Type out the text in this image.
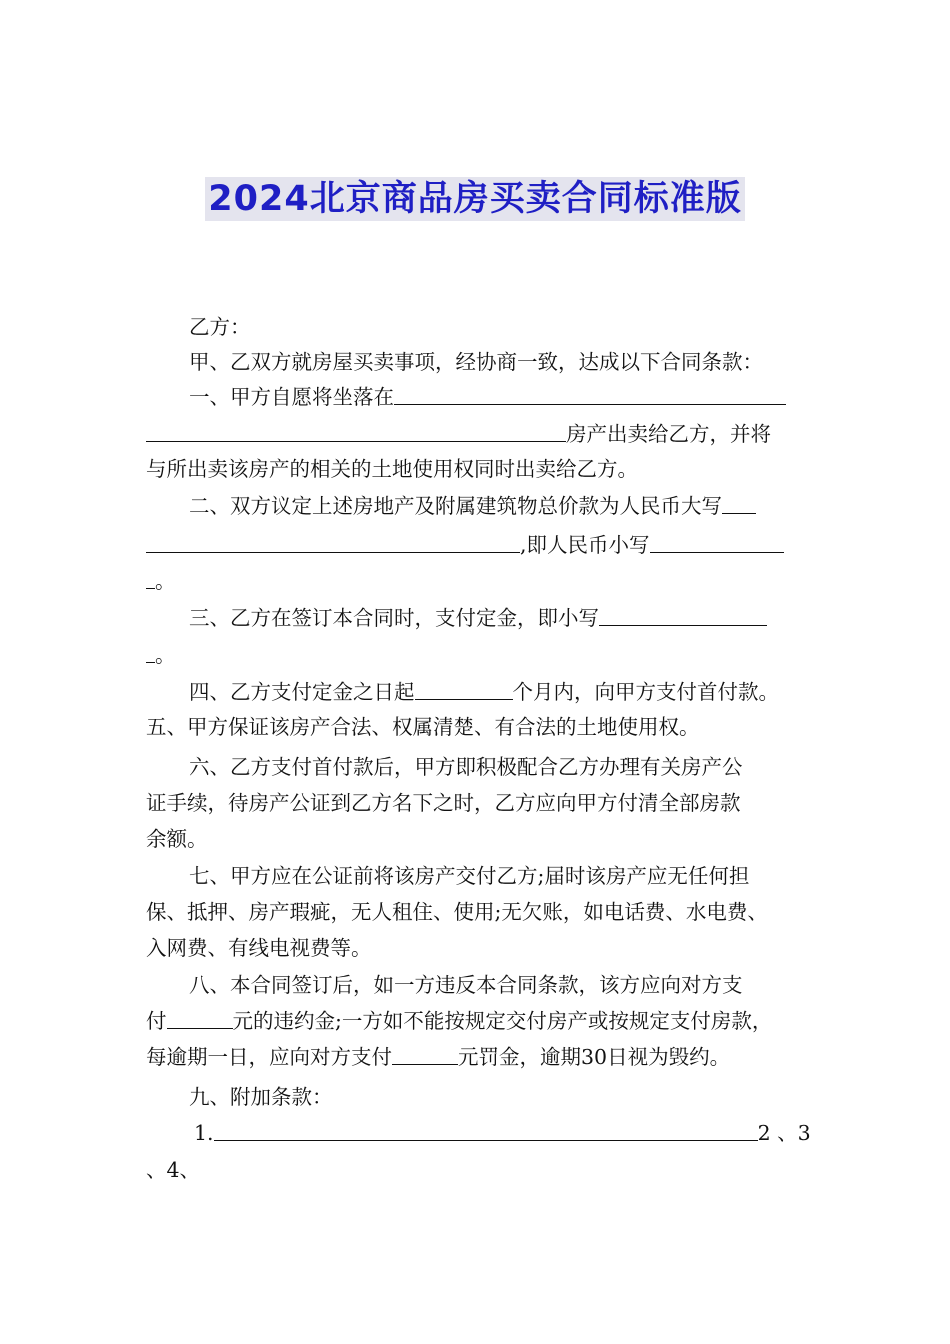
2024北京商品房买卖合同标准版
乙方：
甲、乙双方就房屋买卖事项，经协商一致，达成以下合同条款：
一、甲方自愿将坐落在
房产出卖给乙方，并将
与所出卖该房产的相关的土地使用权同时出卖给乙方。
二、双方议定上述房地产及附属建筑物总价款为人民币大写
,即人民币小写
。
三、乙方在签订本合同时，支付定金，即小写
。
四、乙方支付定金之日起	个月内，向甲方支付首付款。
五、甲方保证该房产合法、权属清楚、有合法的土地使用权。
六、乙方支付首付款后，甲方即积极配合乙方办理有关房产公
证手续，待房产公证到乙方名下之时，乙方应向甲方付清全部房款
余额。
七、甲方应在公证前将该房产交付乙方;届时该房产应无任何担
保、抵押、房产瑕疵，无人租住、使用;无欠账，如电话费、水电费、
入网费、有线电视费等。
八、本合同签订后，如一方违反本合同条款，该方应向对方支
付	元的违约金;一方如不能按规定交付房产或按规定支付房款，
每逾期一日，应向对方支付	元罚金，逾期30日视为毁约。
九、附加条款：
1.	2 、3
、4、
